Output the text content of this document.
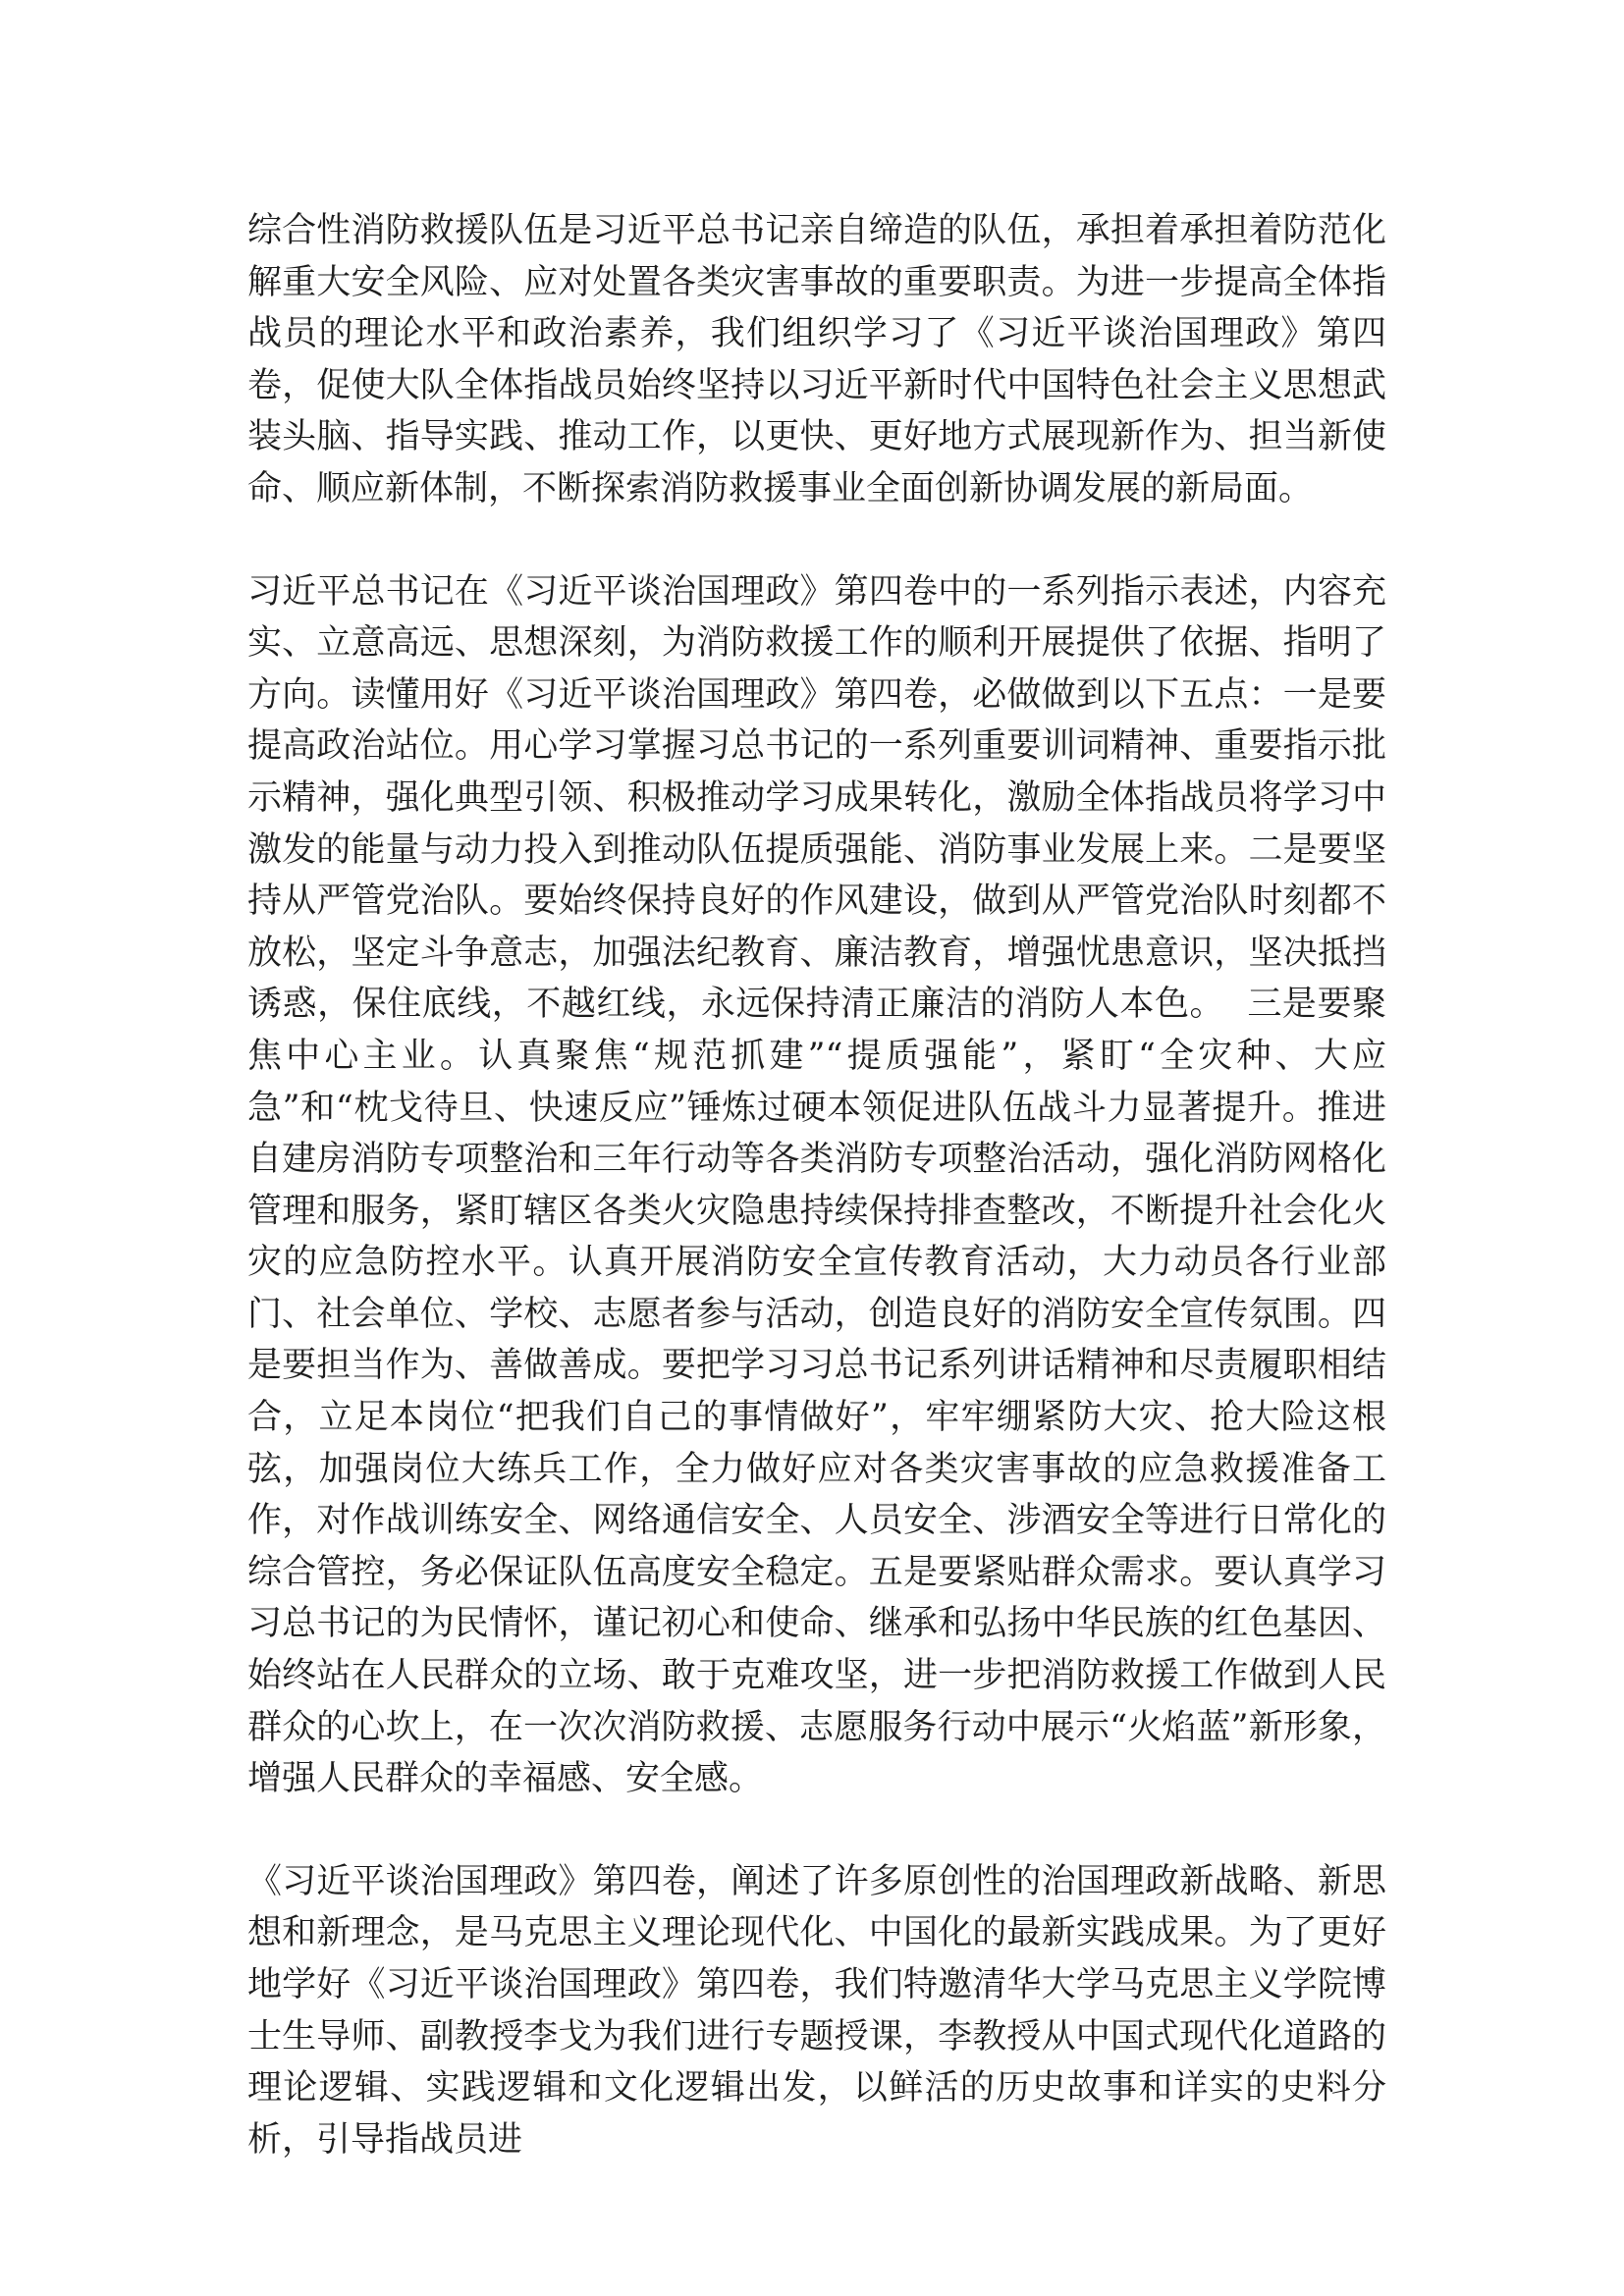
综合性消防救援队伍是习近平总书记亲自缔造的队伍，承担着承担着防范化解重大安全风险、应对处置各类灾害事故的重要职责。为进一步提高全体指战员的理论水平和政治素养，我们组织学习了《习近平谈治国理政》第四卷，促使大队全体指战员始终坚持以习近平新时代中国特色社会主义思想武装头脑、指导实践、推动工作，以更快、更好地方式展现新作为、担当新使命、顺应新体制，不断探索消防救援事业全面创新协调发展的新局面。

习近平总书记在《习近平谈治国理政》第四卷中的一系列指示表述，内容充实、立意高远、思想深刻，为消防救援工作的顺利开展提供了依据、指明了方向。读懂用好《习近平谈治国理政》第四卷，必做做到以下五点：一是要提高政治站位。用心学习掌握习总书记的一系列重要训词精神、重要指示批示精神，强化典型引领、积极推动学习成果转化，激励全体指战员将学习中激发的能量与动力投入到推动队伍提质强能、消防事业发展上来。二是要坚持从严管党治队。要始终保持良好的作风建设，做到从严管党治队时刻都不放松，坚定斗争意志，加强法纪教育、廉洁教育，增强忧患意识，坚决抵挡诱惑，保住底线，不越红线，永远保持清正廉洁的消防人本色。  三是要聚焦中心主业。认真聚焦“规范抓建”“提质强能”，紧盯“全灾种、大应急”和“枕戈待旦、快速反应”锤炼过硬本领促进队伍战斗力显著提升。推进自建房消防专项整治和三年行动等各类消防专项整治活动，强化消防网格化管理和服务，紧盯辖区各类火灾隐患持续保持排查整改，不断提升社会化火灾的应急防控水平。认真开展消防安全宣传教育活动，大力动员各行业部门、社会单位、学校、志愿者参与活动，创造良好的消防安全宣传氛围。四是要担当作为、善做善成。要把学习习总书记系列讲话精神和尽责履职相结合，立足本岗位“把我们自己的事情做好”，牢牢绷紧防大灾、抢大险这根弦，加强岗位大练兵工作，全力做好应对各类灾害事故的应急救援准备工作，对作战训练安全、网络通信安全、人员安全、涉酒安全等进行日常化的综合管控，务必保证队伍高度安全稳定。五是要紧贴群众需求。要认真学习习总书记的为民情怀，谨记初心和使命、继承和弘扬中华民族的红色基因、始终站在人民群众的立场、敢于克难攻坚，进一步把消防救援工作做到人民群众的心坎上，在一次次消防救援、志愿服务行动中展示“火焰蓝”新形象，增强人民群众的幸福感、安全感。

《习近平谈治国理政》第四卷，阐述了许多原创性的治国理政新战略、新思想和新理念，是马克思主义理论现代化、中国化的最新实践成果。为了更好地学好《习近平谈治国理政》第四卷，我们特邀清华大学马克思主义学院博士生导师、副教授李戈为我们进行专题授课，李教授从中国式现代化道路的理论逻辑、实践逻辑和文化逻辑出发，以鲜活的历史故事和详实的史料分析，引导指战员进
